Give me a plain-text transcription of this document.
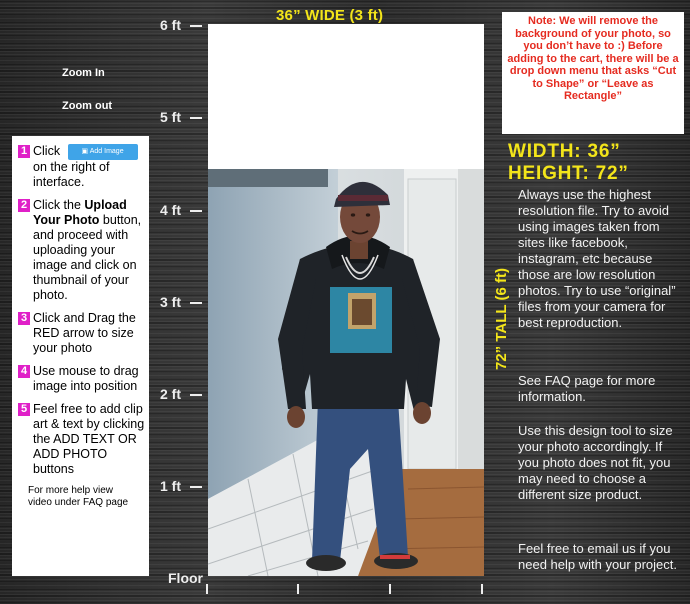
6 ft
5 ft
4 ft
3 ft
2 ft
1 ft
Floor
Zoom In
Zoom out
1 Click	▣ Add Image
on the right of interface.
2 Click the Upload Your Photo button, and proceed with uploading your image and click on thumbnail of your photo.
3 Click and Drag the RED arrow to size your photo
4 Use mouse to drag image into position
5 Feel free to add clip art & text by clicking the ADD TEXT OR ADD PHOTO buttons
For more help view video under FAQ page
36” WIDE (3 ft)
72” TALL (6 ft)
Note: We will remove the background of your photo, so you don’t have to :) Before adding to the cart, there will be a drop down menu that asks “Cut to Shape” or “Leave as Rectangle”
WIDTH: 36”
HEIGHT: 72”
Always use the highest resolution file. Try to avoid using images taken from sites like facebook, instagram, etc because those are low resolution photos. Try to use “original” files from your camera for best reproduction.
See FAQ page for more information.
Use this design tool to size your photo accordingly. If you photo does not fit, you may need to choose a different size product.
Feel free to email us if you need help with your project.
